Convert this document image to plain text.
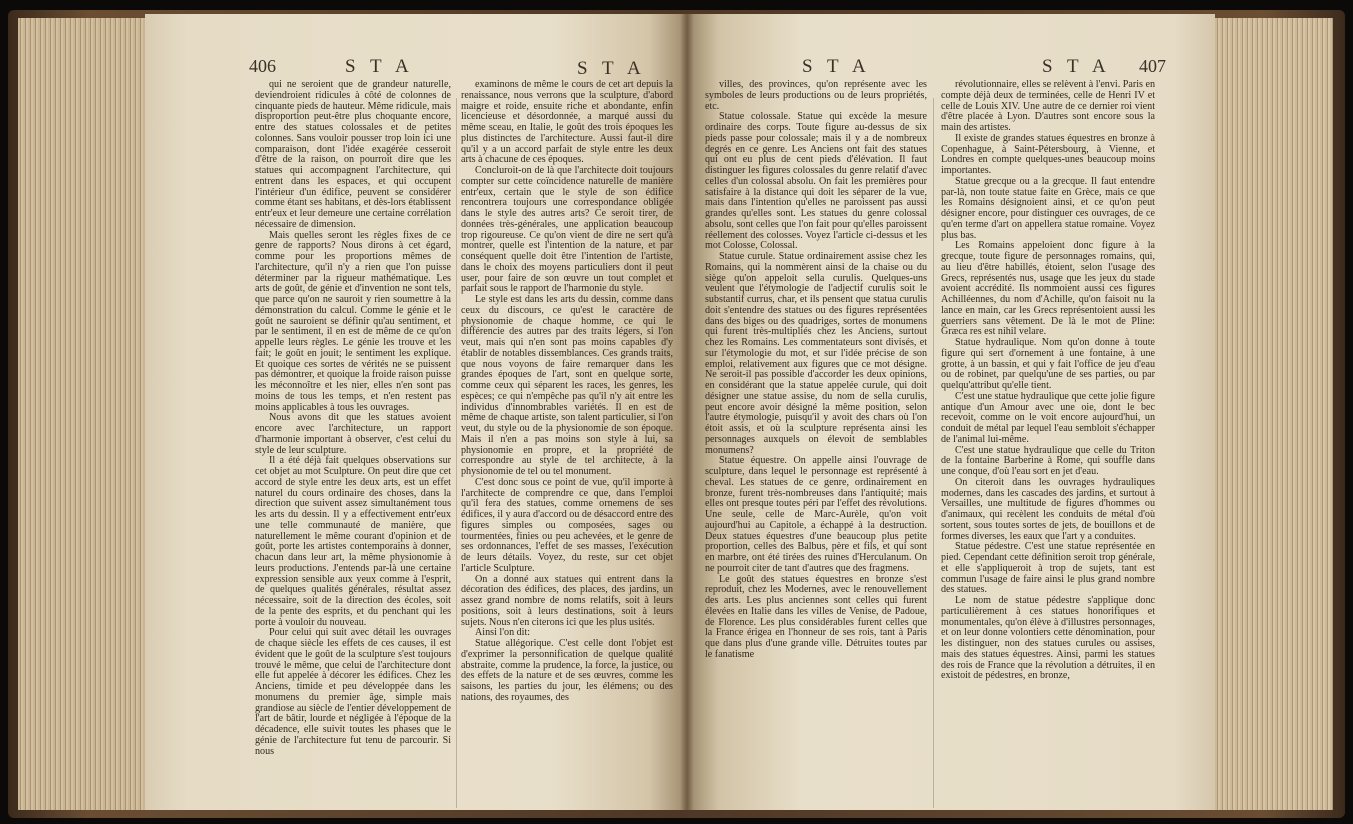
406	S T A	S T A

qui ne seroient que de grandeur naturelle, deviendroient ridicules à côté de colonnes de cinquante pieds de hauteur. Même ridicule, mais disproportion peut-être plus choquante encore, entre des statues colossales et de petites colonnes. Sans vouloir pousser trop loin ici une comparaison, dont l'idée exagérée cesseroit d'être de la raison, on pourroit dire que les statues qui accompagnent l'architecture, qui entrent dans les espaces, et qui occupent l'intérieur d'un édifice, peuvent se considérer comme étant ses habitans, et dès-lors établissent entr'eux et leur demeure une certaine corrélation nécessaire de dimension.

Mais quelles seront les règles fixes de ce genre de rapports? Nous dirons à cet égard, comme pour les proportions mêmes de l'architecture, qu'il n'y a rien que l'on puisse déterminer par la rigueur mathématique. Les arts de goût, de génie et d'invention ne sont tels, que parce qu'on ne sauroit y rien soumettre à la démonstration du calcul. Comme le génie et le goût ne sauroient se définir qu'au sentiment, et par le sentiment, il en est de même de ce qu'on appelle leurs règles. Le génie les trouve et les fait; le goût en jouit; le sentiment les explique. Et quoique ces sortes de vérités ne se puissent pas démontrer, et quoique la froide raison puisse les méconnoître et les nier, elles n'en sont pas moins de tous les temps, et n'en restent pas moins applicables à tous les ouvrages.

Nous avons dit que les statues avoient encore avec l'architecture, un rapport d'harmonie important à observer, c'est celui du style de leur sculpture.

Il a été déjà fait quelques observations sur cet objet au mot Sculpture. On peut dire que cet accord de style entre les deux arts, est un effet naturel du cours ordinaire des choses, dans la direction que suivent assez simultanément tous les arts du dessin. Il y a effectivement entr'eux une telle communauté de manière, que naturellement le même courant d'opinion et de goût, porte les artistes contemporains à donner, chacun dans leur art, la même physionomie à leurs productions. J'entends par-là une certaine expression sensible aux yeux comme à l'esprit, de quelques qualités générales, résultat assez nécessaire, soit de la direction des écoles, soit de la pente des esprits, et du penchant qui les porte à vouloir du nouveau.

Pour celui qui suit avec détail les ouvrages de chaque siècle les effets de ces causes, il est évident que le goût de la sculpture s'est toujours trouvé le même, que celui de l'architecture dont elle fut appelée à décorer les édifices. Chez les Anciens, timide et peu développée dans les monumens du premier âge, simple mais grandiose au siècle de l'entier développement de l'art de bâtir, lourde et négligée à l'époque de la décadence, elle suivit toutes les phases que le génie de l'architecture fut tenu de parcourir. Si nous

examinons de même le cours de cet art depuis la renaissance, nous verrons que la sculpture, d'abord maigre et roide, ensuite riche et abondante, enfin licencieuse et désordonnée, a marqué aussi du même sceau, en Italie, le goût des trois époques les plus distinctes de l'architecture. Aussi faut-il dire qu'il y a un accord parfait de style entre les deux arts à chacune de ces époques.

Concluroit-on de là que l'architecte doit toujours compter sur cette coïncidence naturelle de manière entr'eux, certain que le style de son édifice rencontrera toujours une correspondance obligée dans le style des autres arts? Ce seroit tirer, de données très-générales, une application beaucoup trop rigoureuse. Ce qu'on vient de dire ne sert qu'à montrer, quelle est l'intention de la nature, et par conséquent quelle doit être l'intention de l'artiste, dans le choix des moyens particuliers dont il peut user, pour faire de son œuvre un tout complet et parfait sous le rapport de l'harmonie du style.

Le style est dans les arts du dessin, comme dans ceux du discours, ce qu'est le caractère de physionomie de chaque homme, ce qui le différencie des autres par des traits légers, si l'on veut, mais qui n'en sont pas moins capables d'y établir de notables dissemblances. Ces grands traits, que nous voyons de faire remarquer dans les grandes époques de l'art, sont en quelque sorte, comme ceux qui séparent les races, les genres, les espèces; ce qui n'empêche pas qu'il n'y ait entre les individus d'innombrables variétés. Il en est de même de chaque artiste, son talent particulier, si l'on veut, du style ou de la physionomie de son époque. Mais il n'en a pas moins son style à lui, sa physionomie en propre, et la propriété de correspondre au style de tel architecte, à la physionomie de tel ou tel monument.

C'est donc sous ce point de vue, qu'il importe à l'architecte de comprendre ce que, dans l'emploi qu'il fera des statues, comme ornemens de ses édifices, il y aura d'accord ou de désaccord entre des figures simples ou composées, sages ou tourmentées, finies ou peu achevées, et le genre de ses ordonnances, l'effet de ses masses, l'exécution de leurs détails. Voyez, du reste, sur cet objet l'article Sculpture.

On a donné aux statues qui entrent dans la décoration des édifices, des places, des jardins, un assez grand nombre de noms relatifs, soit à leurs positions, soit à leurs destinations, soit à leurs sujets. Nous n'en citerons ici que les plus usités.

Ainsi l'on dit:

Statue allégorique. C'est celle dont l'objet est d'exprimer la personnification de quelque qualité abstraite, comme la prudence, la force, la justice, ou des effets de la nature et de ses œuvres, comme les saisons, les parties du jour, les élémens; ou des nations, des royaumes, des

S T A	S T A 407

villes, des provinces, qu'on représente avec les symboles de leurs productions ou de leurs propriétés, etc.

Statue colossale. Statue qui excède la mesure ordinaire des corps. Toute figure au-dessus de six pieds passe pour colossale; mais il y a de nombreux degrés en ce genre. Les Anciens ont fait des statues qui ont eu plus de cent pieds d'élévation. Il faut distinguer les figures colossales du genre relatif d'avec celles d'un colossal absolu. On fait les premières pour satisfaire à la distance qui doit les séparer de la vue, mais dans l'intention qu'elles ne paroissent pas aussi grandes qu'elles sont. Les statues du genre colossal absolu, sont celles que l'on fait pour qu'elles paroissent réellement des colosses. Voyez l'article ci-dessus et les mot Colosse, Colossal.

Statue curule. Statue ordinairement assise chez les Romains, qui la nommèrent ainsi de la chaise ou du siège qu'on appeloit sella curulis. Quelques-uns veulent que l'étymologie de l'adjectif curulis soit le substantif currus, char, et ils pensent que statua curulis doit s'entendre des statues ou des figures représentées dans des biges ou des quadriges, sortes de monumens qui furent très-multipliés chez les Anciens, surtout chez les Romains. Les commentateurs sont divisés, et sur l'étymologie du mot, et sur l'idée précise de son emploi, relativement aux figures que ce mot désigne. Ne seroit-il pas possible d'accorder les deux opinions, en considérant que la statue appelée curule, qui doit désigner une statue assise, du nom de sella curulis, peut encore avoir désigné la même position, selon l'autre étymologie, puisqu'il y avoit des chars où l'on étoit assis, et où la sculpture représenta ainsi les personnages auxquels on élevoit de semblables monumens?

Statue équestre. On appelle ainsi l'ouvrage de sculpture, dans lequel le personnage est représenté à cheval. Les statues de ce genre, ordinairement en bronze, furent très-nombreuses dans l'antiquité; mais elles ont presque toutes péri par l'effet des révolutions. Une seule, celle de Marc-Aurèle, qu'on voit aujourd'hui au Capitole, a échappé à la destruction. Deux statues équestres d'une beaucoup plus petite proportion, celles des Balbus, père et fils, et qui sont en marbre, ont été tirées des ruines d'Herculanum. On ne pourroit citer de tant d'autres que des fragmens.

Le goût des statues équestres en bronze s'est reproduit, chez les Modernes, avec le renouvellement des arts. Les plus anciennes sont celles qui furent élevées en Italie dans les villes de Venise, de Padoue, de Florence. Les plus considérables furent celles que la France érigea en l'honneur de ses rois, tant à Paris que dans plus d'une grande ville. Détruites toutes par le fanatisme

révolutionnaire, elles se relèvent à l'envi. Paris en compte déjà deux de terminées, celle de Henri IV et celle de Louis XIV. Une autre de ce dernier roi vient d'être placée à Lyon. D'autres sont encore sous la main des artistes.

Il existe de grandes statues équestres en bronze à Copenhague, à Saint-Pétersbourg, à Vienne, et Londres en compte quelques-unes beaucoup moins importantes.

Statue grecque ou a la grecque. Il faut entendre par-là, non toute statue faite en Grèce, mais ce que les Romains désignoient ainsi, et ce qu'on peut désigner encore, pour distinguer ces ouvrages, de ce qu'en terme d'art on appellera statue romaine. Voyez plus bas.

Les Romains appeloient donc figure à la grecque, toute figure de personnages romains, qui, au lieu d'être habillés, étoient, selon l'usage des Grecs, représentés nus, usage que les jeux du stade avoient accrédité. Ils nommoient aussi ces figures Achilléennes, du nom d'Achille, qu'on faisoit nu la lance en main, car les Grecs représentoient aussi les guerriers sans vêtement. De là le mot de Pline: Græca res est nihil velare.

Statue hydraulique. Nom qu'on donne à toute figure qui sert d'ornement à une fontaine, à une grotte, à un bassin, et qui y fait l'office de jeu d'eau ou de robinet, par quelqu'une de ses parties, ou par quelqu'attribut qu'elle tient.

C'est une statue hydraulique que cette jolie figure antique d'un Amour avec une oie, dont le bec recevoit, comme on le voit encore aujourd'hui, un conduit de métal par lequel l'eau sembloit s'échapper de l'animal lui-même.

C'est une statue hydraulique que celle du Triton de la fontaine Barberine à Rome, qui souffle dans une conque, d'où l'eau sort en jet d'eau.

On citeroit dans les ouvrages hydrauliques modernes, dans les cascades des jardins, et surtout à Versailles, une multitude de figures d'hommes ou d'animaux, qui recèlent les conduits de métal d'où sortent, sous toutes sortes de jets, de bouillons et de formes diverses, les eaux que l'art y a conduites.

Statue pédestre. C'est une statue représentée en pied. Cependant cette définition seroit trop générale, et elle s'appliqueroit à trop de sujets, tant est commun l'usage de faire ainsi le plus grand nombre des statues.

Le nom de statue pédestre s'applique donc particulièrement à ces statues honorifiques et monumentales, qu'on élève à d'illustres personnages, et on leur donne volontiers cette dénomination, pour les distinguer, non des statues curules ou assises, mais des statues équestres. Ainsi, parmi les statues des rois de France que la révolution a détruites, il en existoit de pédestres, en bronze,
